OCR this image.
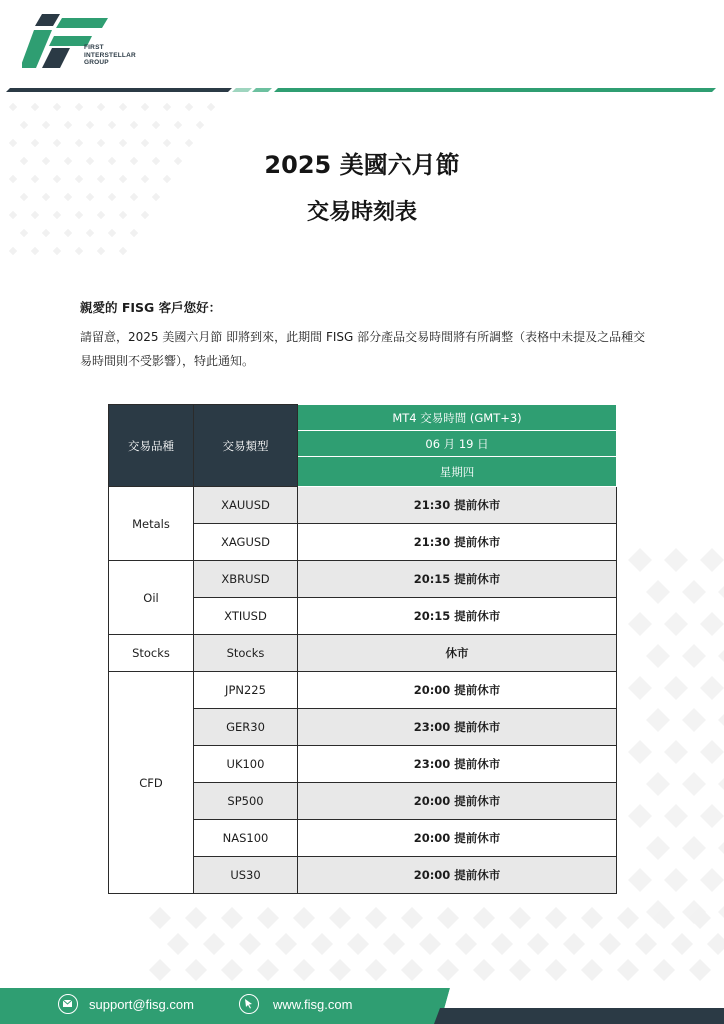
FIRST
INTERSTELLAR
GROUP
2025 美國六月節
交易時刻表
親愛的 FISG 客戶您好：
請留意，2025 美國六月節 即將到來，此期間 FISG 部分產品交易時間將有所調整（表格中未提及之品種交易時間則不受影響），特此通知。
交易品種	交易類型	MT4 交易時間 (GMT+3)
		06 月 19 日
		星期四
Metals	XAUUSD	21:30 提前休市
	XAGUSD	21:30 提前休市
Oil	XBRUSD	20:15 提前休市
	XTIUSD	20:15 提前休市
Stocks	Stocks	休市
CFD	JPN225	20:00 提前休市
	GER30	23:00 提前休市
	UK100	23:00 提前休市
	SP500	20:00 提前休市
	NAS100	20:00 提前休市
	US30	20:00 提前休市
support@fisg.com	www.fisg.com
